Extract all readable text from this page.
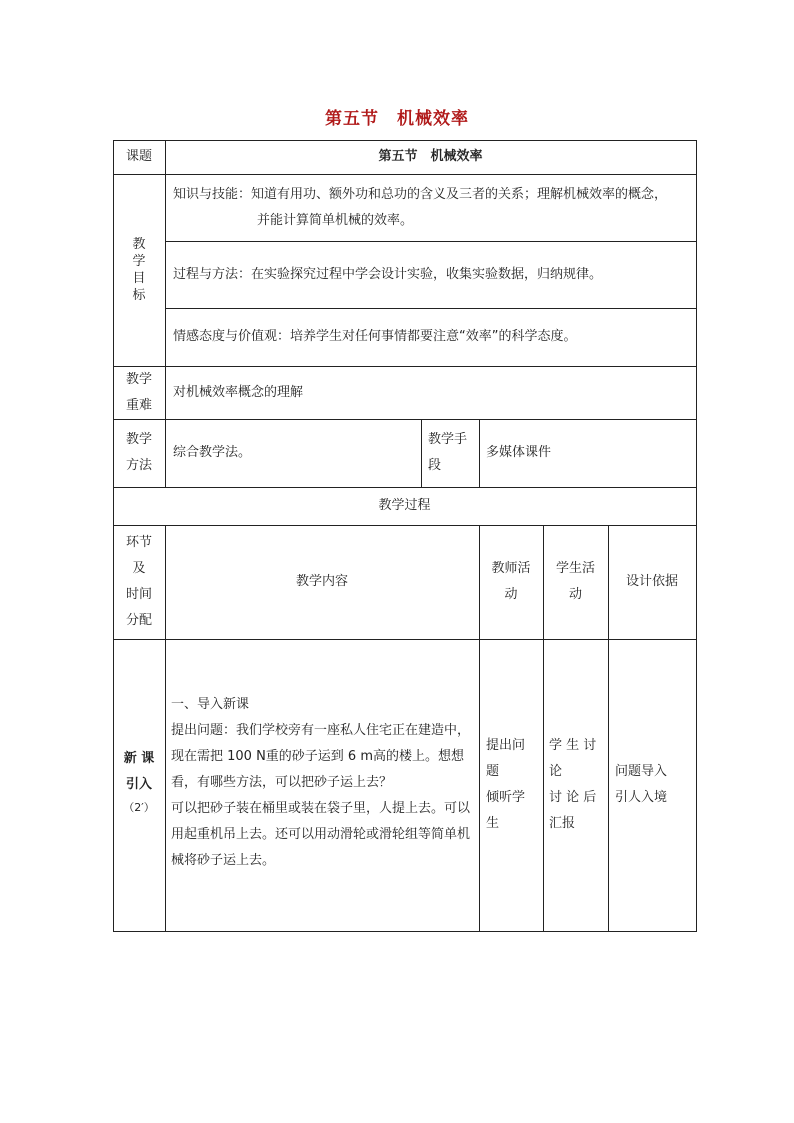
第五节　机械效率
课题	第五节　机械效率
教学目标
知识与技能：知道有用功、额外功和总功的含义及三者的关系；理解机械效率的概念，
并能计算简单机械的效率。
过程与方法：在实验探究过程中学会设计实验，收集实验数据，归纳规律。
情感态度与价值观：培养学生对任何事情都要注意“效率”的科学态度。
教学
重难
对机械效率概念的理解
教学
方法
综合教学法。
教学手
段
多媒体课件
教学过程
环节
及
时间
分配
教学内容
教师活
动
学生活
动
设计依据
新 课
引入
（2′）
一、导入新课
提出问题：我们学校旁有一座私人住宅正在建造中，现在需把 100 N重的砂子运到 6 m高的楼上。想想看，有哪些方法，可以把砂子运上去？
可以把砂子装在桶里或装在袋子里，人提上去。可以用起重机吊上去。还可以用动滑轮或滑轮组等简单机械将砂子运上去。
提出问
题
倾听学
生
学 生 讨
论
讨 论 后
汇报
问题导入
引人入境
